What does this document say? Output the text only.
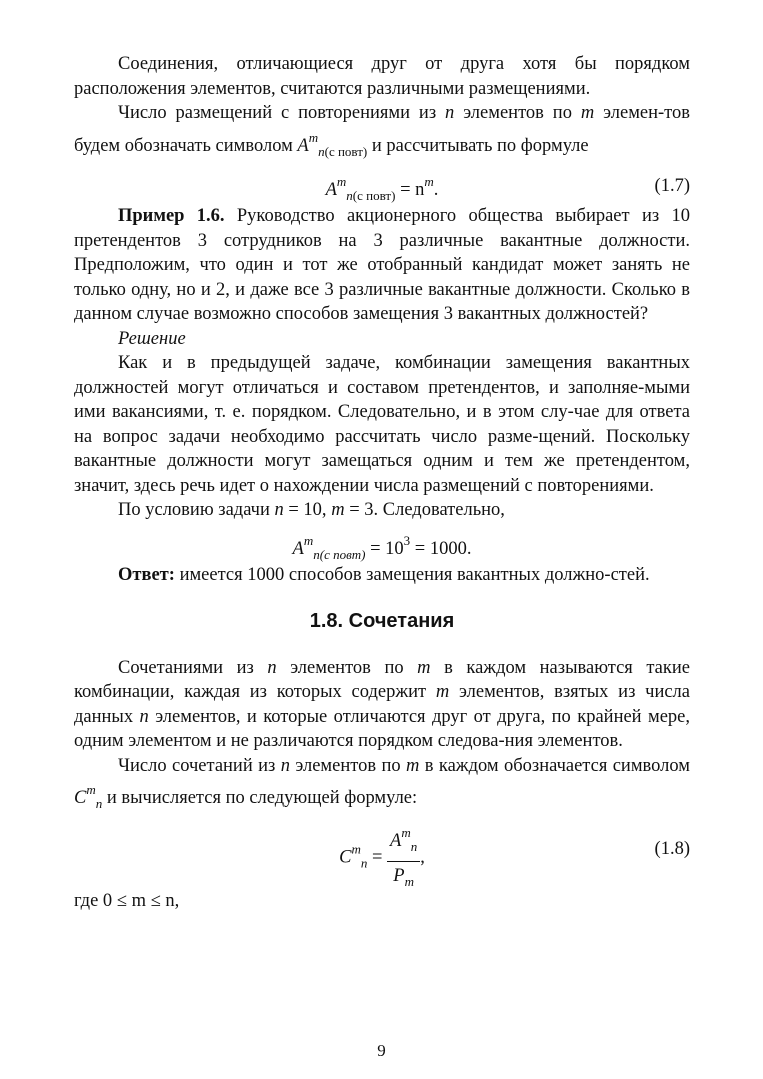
Соединения, отличающиеся друг от друга хотя бы порядком расположения элементов, считаются различными размещениями.

Число размещений с повторениями из n элементов по m элемен-тов будем обозначать символом $A^m_{n(с повт)}$ и рассчитывать по формуле

$A^m_{n(с повт)} = n^m$.	(1.7)

Пример 1.6. Руководство акционерного общества выбирает из 10 претендентов 3 сотрудников на 3 различные вакантные должности. Предположим, что один и тот же отобранный кандидат может занять не только одну, но и 2, и даже все 3 различные вакантные должности. Сколько в данном случае возможно способов замещения 3 вакантных должностей?

Решение

Как и в предыдущей задаче, комбинации замещения вакантных должностей могут отличаться и составом претендентов, и заполняе-мыми ими вакансиями, т. е. порядком. Следовательно, и в этом слу-чае для ответа на вопрос задачи необходимо рассчитать число разме-щений. Поскольку вакантные должности могут замещаться одним и тем же претендентом, значит, здесь речь идет о нахождении числа размещений с повторениями.

По условию задачи n = 10, m = 3. Следовательно,

$A^m_{n(с повт)} = 10^3 = 1000$.

Ответ: имеется 1000 способов замещения вакантных должно-стей.

1.8. Сочетания

Сочетаниями из n элементов по m в каждом называются такие комбинации, каждая из которых содержит m элементов, взятых из числа данных n элементов, и которые отличаются друг от друга, по крайней мере, одним элементом и не различаются порядком следова-ния элементов.

Число сочетаний из n элементов по m в каждом обозначается символом $C^m_n$ и вычисляется по следующей формуле:

$C^m_n = \frac{A^m_n}{P_m}$ ,	(1.8)

где 0 ≤ m ≤ n,

9
